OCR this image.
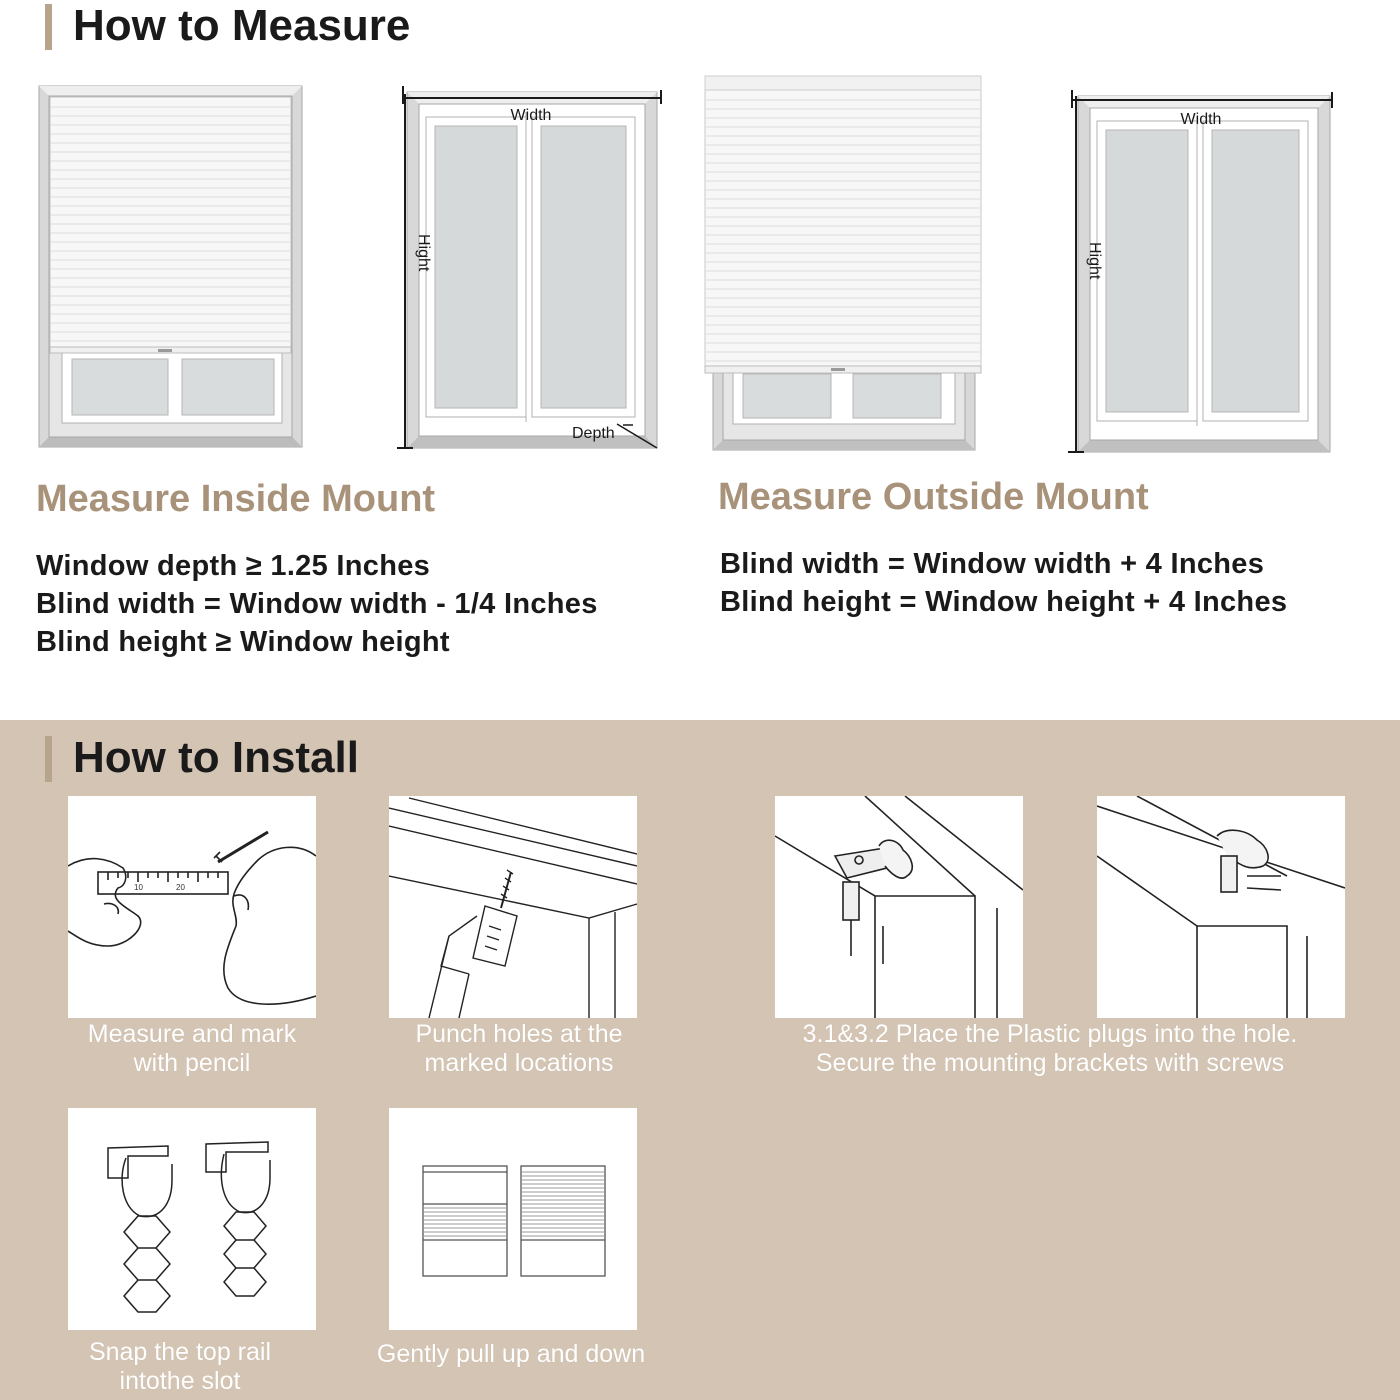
How to Measure
Width
Hight
Depth
Width
Hight
Measure Inside Mount
Window depth ≥ 1.25 Inches
Blind width = Window width - 1/4 Inches
Blind height ≥ Window height
Measure Outside Mount
Blind width = Window width + 4 Inches
Blind height = Window height + 4 Inches
How to Install
10	20
Measure and mark
with pencil
Punch holes at the
marked locations
3.1&3.2 Place the Plastic plugs into the hole.
Secure the mounting brackets with screws
Snap the top rail
intothe slot
Gently pull up and down
